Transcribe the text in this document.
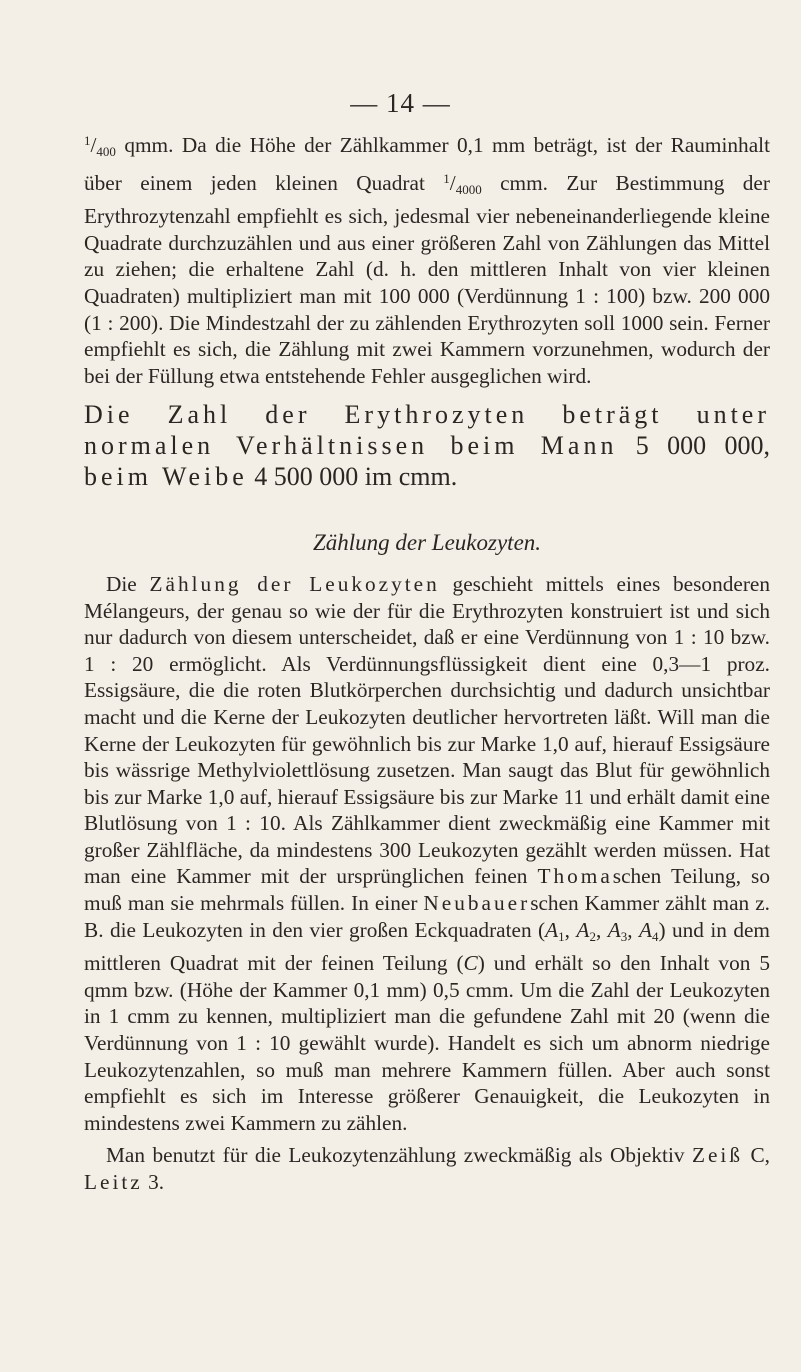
— 14 —

$^1/_{400}$ qmm. Da die Höhe der Zählkammer 0,1 mm beträgt, ist der Rauminhalt über einem jeden kleinen Quadrat $^1/_{4000}$ cmm. Zur Bestimmung der Erythrozytenzahl empfiehlt es sich, jedesmal vier nebeneinanderliegende kleine Quadrate durchzuzählen und aus einer größeren Zahl von Zählungen das Mittel zu ziehen; die erhaltene Zahl (d. h. den mittleren Inhalt von vier kleinen Quadraten) multipliziert man mit 100 000 (Verdünnung 1 : 100) bzw. 200 000 (1 : 200). Die Mindestzahl der zu zählenden Erythrozyten soll 1000 sein. Ferner empfiehlt es sich, die Zählung mit zwei Kammern vorzunehmen, wodurch der bei der Füllung etwa entstehende Fehler ausgeglichen wird.

Die Zahl der Erythrozyten beträgt unter normalen Verhältnissen beim Mann 5 000 000, beim Weibe 4 500 000 im cmm.

Zählung der Leukozyten.

Die Zählung der Leukozyten geschieht mittels eines besonderen Mélangeurs, der genau so wie der für die Erythrozyten konstruiert ist und sich nur dadurch von diesem unterscheidet, daß er eine Verdünnung von 1 : 10 bzw. 1 : 20 ermöglicht. Als Verdünnungsflüssigkeit dient eine 0,3—1 proz. Essigsäure, die die roten Blutkörperchen durchsichtig und dadurch unsichtbar macht und die Kerne der Leukozyten deutlicher hervortreten läßt. Will man die Kerne der Leukozyten für gewöhnlich bis zur Marke 1,0 auf, hierauf Essigsäure bis wässrige Methylviolettlösung zusetzen. Man saugt das Blut für gewöhnlich bis zur Marke 1,0 auf, hierauf Essigsäure bis zur Marke 11 und erhält damit eine Blutlösung von 1 : 10. Als Zählkammer dient zweckmäßig eine Kammer mit großer Zählfläche, da mindestens 300 Leukozyten gezählt werden müssen. Hat man eine Kammer mit der ursprünglichen feinen Thomaschen Teilung, so muß man sie mehrmals füllen. In einer Neubauerschen Kammer zählt man z. B. die Leukozyten in den vier großen Eckquadraten ($A_1$, $A_2$, $A_3$, $A_4$) und in dem mittleren Quadrat mit der feinen Teilung (C) und erhält so den Inhalt von 5 qmm bzw. (Höhe der Kammer 0,1 mm) 0,5 cmm. Um die Zahl der Leukozyten in 1 cmm zu kennen, multipliziert man die gefundene Zahl mit 20 (wenn die Verdünnung von 1 : 10 gewählt wurde). Handelt es sich um abnorm niedrige Leukozytenzahlen, so muß man mehrere Kammern füllen. Aber auch sonst empfiehlt es sich im Interesse größerer Genauigkeit, die Leukozyten in mindestens zwei Kammern zu zählen.

Man benutzt für die Leukozytenzählung zweckmäßig als Objektiv Zeiß C, Leitz 3.
